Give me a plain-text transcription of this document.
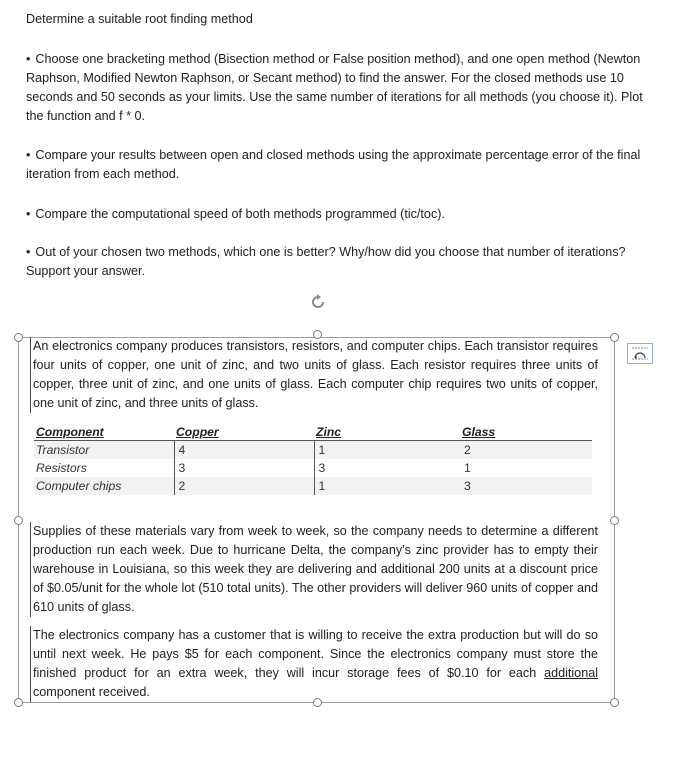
Determine a suitable root finding method

• Choose one bracketing method (Bisection method or False position method), and one open method (Newton Raphson, Modified Newton Raphson, or Secant method) to find the answer. For the closed methods use 10 seconds and 50 seconds as your limits. Use the same number of iterations for all methods (you choose it). Plot the function and f * 0.

• Compare your results between open and closed methods using the approximate percentage error of the final iteration from each method.

• Compare the computational speed of both methods programmed (tic/toc).

• Out of your chosen two methods, which one is better? Why/how did you choose that number of iterations? Support your answer.

An electronics company produces transistors, resistors, and computer chips. Each transistor requires four units of copper, one unit of zinc, and two units of glass. Each resistor requires three units of copper, three unit of zinc, and one units of glass. Each computer chip requires two units of copper, one unit of zinc, and three units of glass.

Component	Copper	Zinc	Glass
Transistor	4	1	2
Resistors	3	3	1
Computer chips	2	1	3

Supplies of these materials vary from week to week, so the company needs to determine a different production run each week. Due to hurricane Delta, the company’s zinc provider has to empty their warehouse in Louisiana, so this week they are delivering and additional 200 units at a discount price of $0.05/unit for the whole lot (510 total units). The other providers will deliver 960 units of copper and 610 units of glass.

The electronics company has a customer that is willing to receive the extra production but will do so until next week. He pays $5 for each component. Since the electronics company must store the finished product for an extra week, they will incur storage fees of $0.10 for each additional component received.
